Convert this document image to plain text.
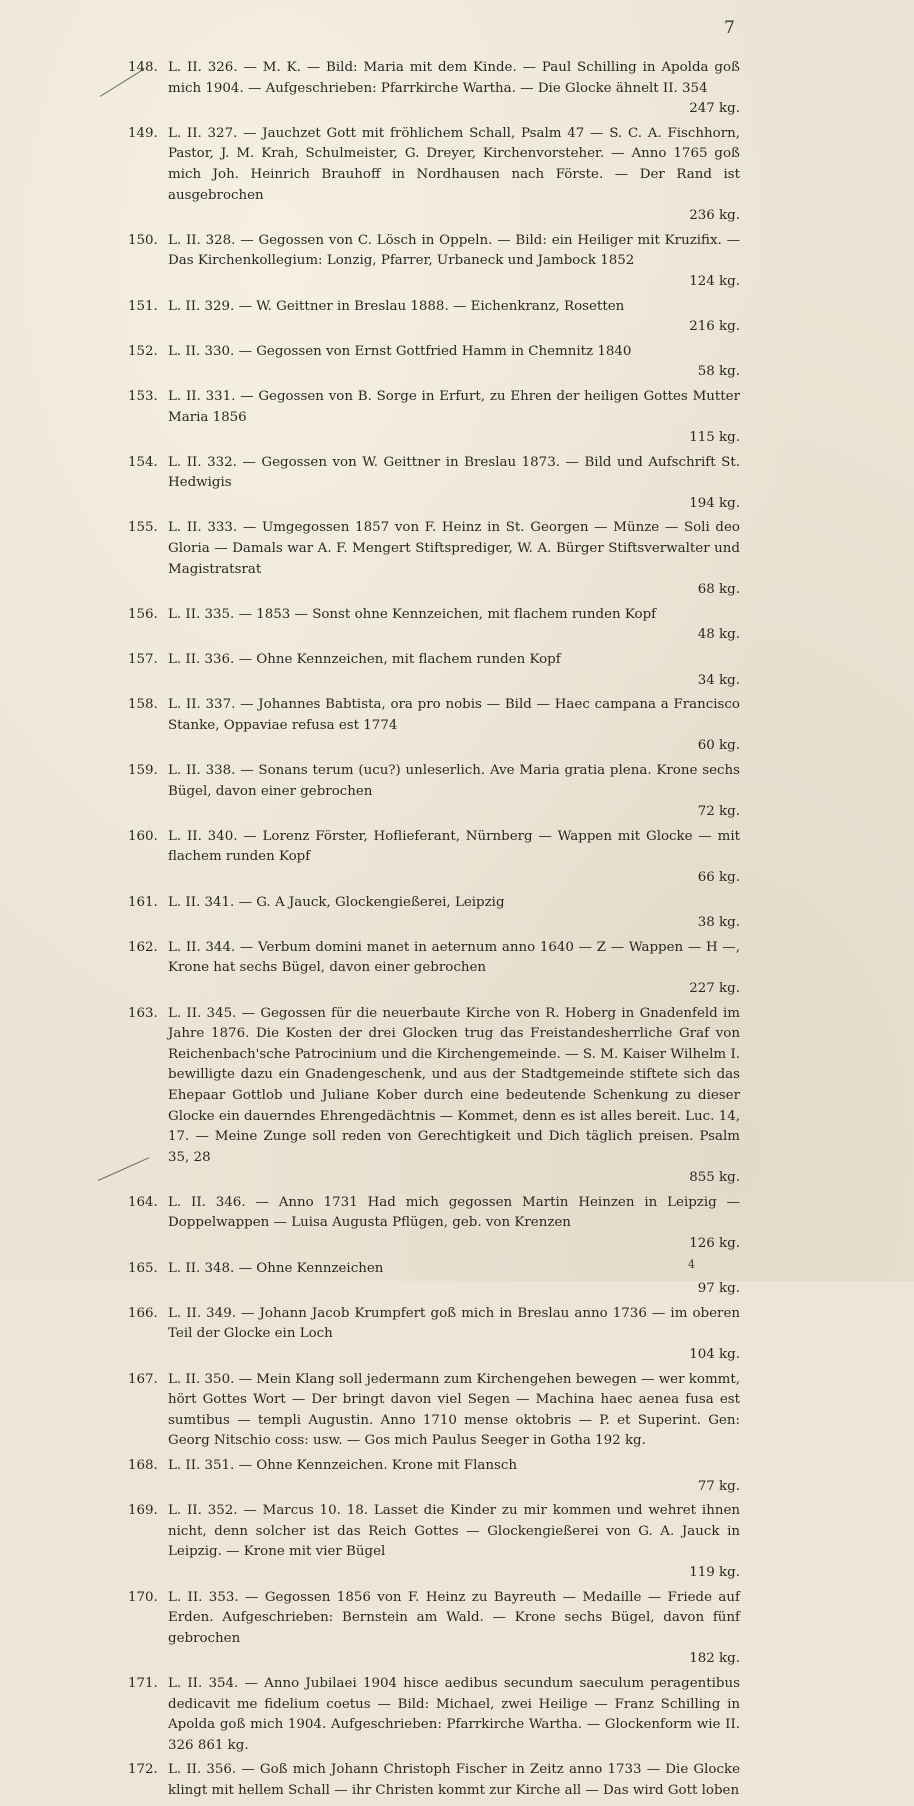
7
148. L. II. 326. — M. K. — Bild: Maria mit dem Kinde. — Paul Schilling in Apolda goß mich 1904. — Aufgeschrieben: Pfarrkirche Wartha. — Die Glocke ähnelt II. 354
247 kg.
149. L. II. 327. — Jauchzet Gott mit fröhlichem Schall, Psalm 47 — S. C. A. Fischhorn, Pastor, J. M. Krah, Schulmeister, G. Dreyer, Kirchenvorsteher. — Anno 1765 goß mich Joh. Heinrich Brauhoff in Nordhausen nach Förste. — Der Rand ist ausgebrochen
236 kg.
150. L. II. 328. — Gegossen von C. Lösch in Oppeln. — Bild: ein Heiliger mit Kruzifix. — Das Kirchenkollegium: Lonzig, Pfarrer, Urbaneck und Jambock 1852
124 kg.
151. L. II. 329. — W. Geittner in Breslau 1888. — Eichenkranz, Rosetten
216 kg.
152. L. II. 330. — Gegossen von Ernst Gottfried Hamm in Chemnitz 1840
58 kg.
153. L. II. 331. — Gegossen von B. Sorge in Erfurt, zu Ehren der heiligen Gottes Mutter Maria 1856
115 kg.
154. L. II. 332. — Gegossen von W. Geittner in Breslau 1873. — Bild und Aufschrift St. Hedwigis
194 kg.
155. L. II. 333. — Umgegossen 1857 von F. Heinz in St. Georgen — Münze — Soli deo Gloria — Damals war A. F. Mengert Stiftsprediger, W. A. Bürger Stiftsverwalter und Magistratsrat
68 kg.
156. L. II. 335. — 1853 — Sonst ohne Kennzeichen, mit flachem runden Kopf
48 kg.
157. L. II. 336. — Ohne Kennzeichen, mit flachem runden Kopf
34 kg.
158. L. II. 337. — Johannes Babtista, ora pro nobis — Bild — Haec campana a Francisco Stanke, Oppaviae refusa est 1774
60 kg.
159. L. II. 338. — Sonans terum (ucu?) unleserlich. Ave Maria gratia plena. Krone sechs Bügel, davon einer gebrochen
72 kg.
160. L. II. 340. — Lorenz Förster, Hoflieferant, Nürnberg — Wappen mit Glocke — mit flachem runden Kopf
66 kg.
161. L. II. 341. — G. A Jauck, Glockengießerei, Leipzig
38 kg.
162. L. II. 344. — Verbum domini manet in aeternum anno 1640 — Z — Wappen — H —, Krone hat sechs Bügel, davon einer gebrochen
227 kg.
163. L. II. 345. — Gegossen für die neuerbaute Kirche von R. Hoberg in Gnadenfeld im Jahre 1876. Die Kosten der drei Glocken trug das Freistandesherrliche Graf von Reichenbach'sche Patrocinium und die Kirchengemeinde. — S. M. Kaiser Wilhelm I. bewilligte dazu ein Gnadengeschenk, und aus der Stadtgemeinde stiftete sich das Ehepaar Gottlob und Juliane Kober durch eine bedeutende Schenkung zu dieser Glocke ein dauerndes Ehrengedächtnis — Kommet, denn es ist alles bereit. Luc. 14, 17. — Meine Zunge soll reden von Gerechtigkeit und Dich täglich preisen. Psalm 35, 28
855 kg.
164. L. II. 346. — Anno 1731 Had mich gegossen Martin Heinzen in Leipzig — Doppelwappen — Luisa Augusta Pflügen, geb. von Krenzen
126 kg.
165. L. II. 348. — Ohne Kennzeichen
97 kg.
166. L. II. 349. — Johann Jacob Krumpfert goß mich in Breslau anno 1736 — im oberen Teil der Glocke ein Loch
104 kg.
167. L. II. 350. — Mein Klang soll jedermann zum Kirchengehen bewegen — wer kommt, hört Gottes Wort — Der bringt davon viel Segen — Machina haec aenea fusa est sumtibus — templi Augustin. Anno 1710 mense oktobris — P. et Superint. Gen: Georg Nitschio coss: usw. — Gos mich Paulus Seeger in Gotha 192 kg.
168. L. II. 351. — Ohne Kennzeichen. Krone mit Flansch
77 kg.
169. L. II. 352. — Marcus 10. 18. Lasset die Kinder zu mir kommen und wehret ihnen nicht, denn solcher ist das Reich Gottes — Glockengießerei von G. A. Jauck in Leipzig. — Krone mit vier Bügel
119 kg.
170. L. II. 353. — Gegossen 1856 von F. Heinz zu Bayreuth — Medaille — Friede auf Erden. Aufgeschrieben: Bernstein am Wald. — Krone sechs Bügel, davon fünf gebrochen
182 kg.
171. L. II. 354. — Anno Jubilaei 1904 hisce aedibus secundum saeculum peragentibus dedicavit me fidelium coetus — Bild: Michael, zwei Heilige — Franz Schilling in Apolda goß mich 1904. Aufgeschrieben: Pfarrkirche Wartha. — Glockenform wie II. 326 861 kg.
172. L. II. 356. — Goß mich Johann Christoph Fischer in Zeitz anno 1733 — Die Glocke klingt mit hellem Schall — ihr Christen kommt zur Kirche all — Das wird Gott loben
4
